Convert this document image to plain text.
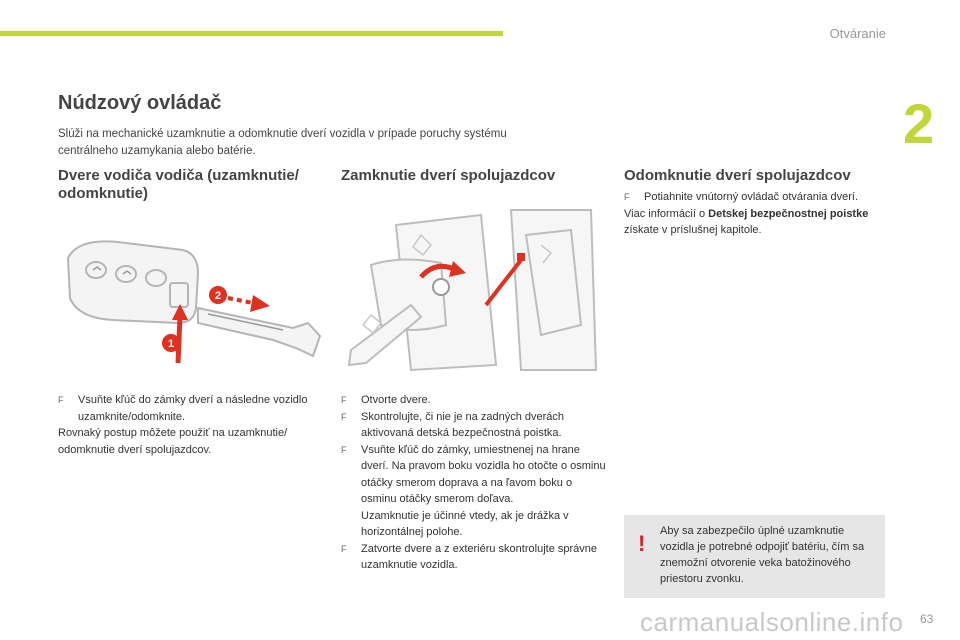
Otváranie
2
Núdzový ovládač
Slúži na mechanické uzamknutie a odomknutie dverí vozidla v prípade poruchy systému
centrálneho uzamykania alebo batérie.
Dvere vodiča vodiča (uzamknutie/ odomknutie)
Zamknutie dverí spolujazdcov	Odomknutie dverí spolujazdcov
2
1
F	Vsuňte kľúč do zámky dverí a následne vozidlo uzamknite/odomknite.

Rovnaký postup môžete použiť na uzamknutie/ odomknutie dverí spolujazdcov.

F	Otvorte dvere.
F	Skontrolujte, či nie je na zadných dverách aktivovaná detská bezpečnostná poistka.
F	Vsuňte kľúč do zámky, umiestnenej na hrane dverí. Na pravom boku vozidla ho otočte o osminu otáčky smerom doprava a na ľavom boku o osminu otáčky smerom doľava.
Uzamknutie je účinné vtedy, ak je drážka v horizontálnej polohe.
F	Zatvorte dvere a z exteriéru skontrolujte správne uzamknutie vozidla.
F	Potiahnite vnútorný ovládač otvárania dverí.

Viac informácií o Detskej bezpečnostnej poistke získate v príslušnej kapitole.

! Aby sa zabezpečilo úplné uzamknutie vozidla je potrebné odpojiť batériu, čím sa znemožní otvorenie veka batožinového priestoru zvonku.
carmanualsonline.info 63
